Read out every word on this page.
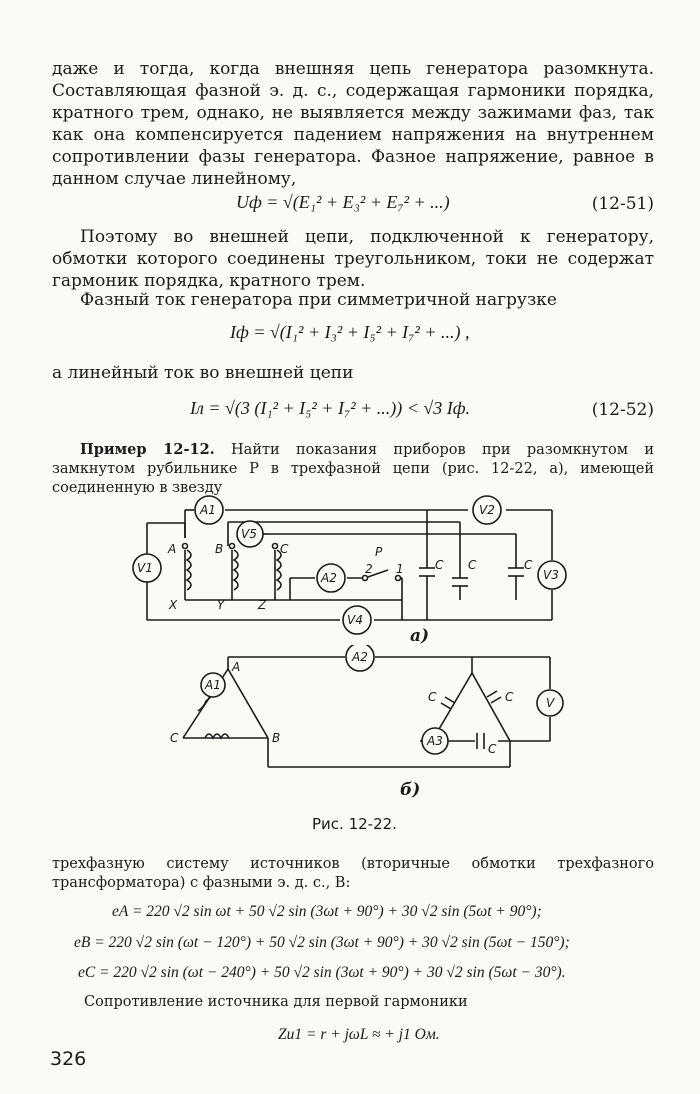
даже и тогда, когда внешняя цепь генератора разомкнута. Составляющая фазной э. д. с., содержащая гармоники порядка, кратного трем, однако, не выявляется между зажимами фаз, так как она компенсируется падением напряжения на внутреннем сопротивлении фазы генератора. Фазное напряжение, равное в данном случае линейному,

Uф = √(E₁² + E₃² + E₇² + ...)	(12-51)

Поэтому во внешней цепи, подключенной к генератору, обмотки которого соединены треугольником, токи не содержат гармоник порядка, кратного трем.

Фазный ток генератора при симметричной нагрузке

Iф = √(I₁² + I₃² + I₅² + I₇² + ...) ,

а линейный ток во внешней цепи

Iл = √(3 (I₁² + I₅² + I₇² + ...)) < √3 Iф.	(12-52)

Пример 12-12. Найти показания приборов при разомкнутом и замкнутом рубильнике P в трехфазной цепи (рис. 12-22, a), имеющей соединенную в звезду

A1
V1
V5
A2
V4
V2
V3
A	B	C
X	Y	Z
P
2 1	C C	C
а)
A2
A1
V
A3
A
B
C
C	C
C
б)
Рис. 12-22.

трехфазную систему источников (вторичные обмотки трехфазного трансформатора) с фазными э. д. с., В:

eA = 220 √2 sin ωt + 50 √2 sin (3ωt + 90°) + 30 √2 sin (5ωt + 90°);
eB = 220 √2 sin (ωt − 120°) + 50 √2 sin (3ωt + 90°) + 30 √2 sin (5ωt − 150°);
eC = 220 √2 sin (ωt − 240°) + 50 √2 sin (3ωt + 90°) + 30 √2 sin (5ωt − 30°).

Сопротивление источника для первой гармоники

Zи1 = r + jωL ≈ + j1 Ом.
326
